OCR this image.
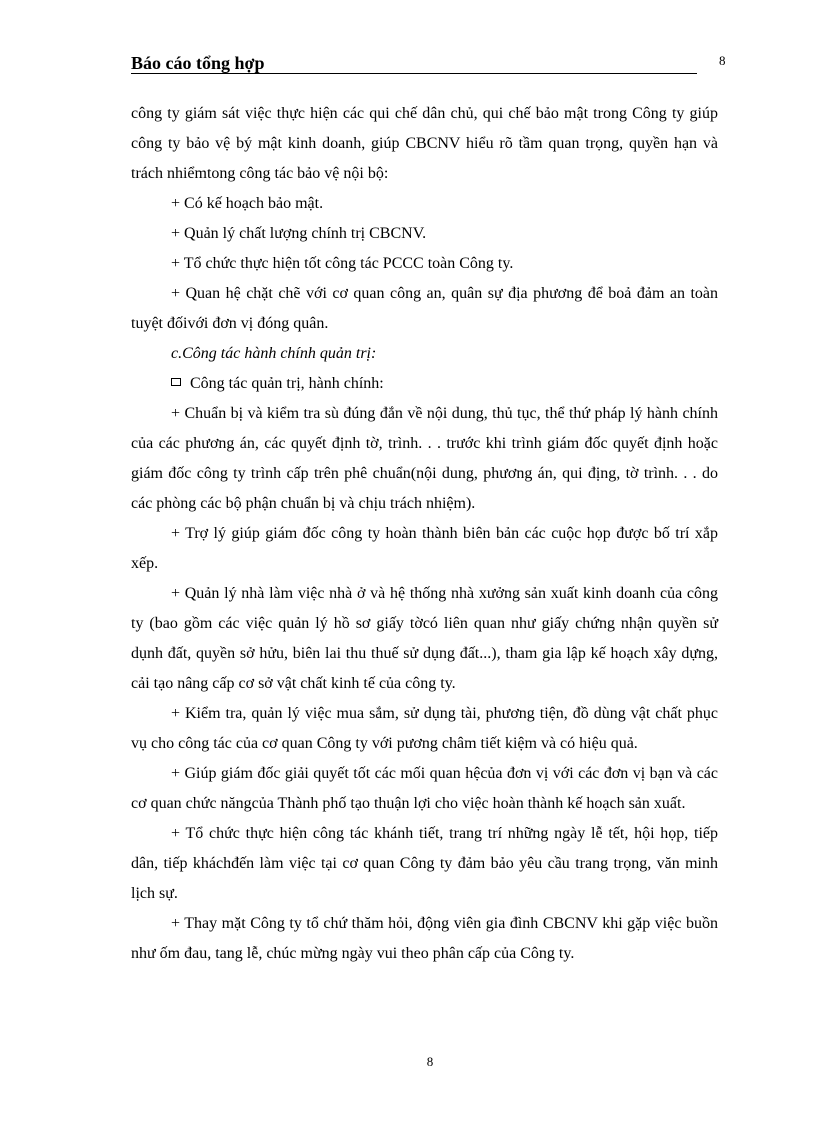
Báo cáo tổng hợp	8

công ty giám sát việc thực hiện các qui chế dân chủ, qui chế bảo mật trong Công ty giúp công ty bảo vệ bý mật kinh doanh, giúp CBCNV hiểu rõ tầm quan trọng, quyền hạn và trách nhiểmtong công tác bảo vệ nội bộ:

+ Có kế hoạch bảo mật.

+ Quản lý chất lượng chính trị CBCNV.

+ Tổ chức thực hiện tốt công tác PCCC toàn Công ty.

+ Quan hệ chặt chẽ với cơ quan công an, quân sự địa phương để boả đảm an toàn tuyệt đốivới đơn vị đóng quân.

c.Công tác hành chính quản trị:

Công tác quản trị, hành chính:

+ Chuẩn bị và kiểm tra sù đúng đắn về nội dung, thủ tục, thể thứ pháp lý hành chính của các phương án, các quyết định tờ, trình. . . trước khi trình giám đốc quyết định hoặc giám đốc công ty trình cấp trên phê chuẩn(nội dung, phương án, qui địng, tờ trình. . . do các phòng các bộ phận chuẩn bị và chịu trách nhiệm).

+ Trợ lý giúp giám đốc công ty hoàn thành biên bản các cuộc họp được bố trí xắp xếp.

+ Quản lý nhà làm việc nhà ở và hệ thống nhà xưởng sản xuất kinh doanh của công ty (bao gồm các việc quản lý hồ sơ giấy tờcó liên quan như giấy chứng nhận quyền sử dụnh đất, quyền sở hửu, biên lai thu thuế sử dụng đất...), tham gia lập kế hoạch xây dựng, cải tạo nâng cấp cơ sở vật chất kinh tế của công ty.

+ Kiểm tra, quản lý việc mua sắm, sử dụng tài, phương tiện, đồ dùng vật chất phục vụ cho công tác của cơ quan Công ty với pương châm tiết kiệm và có hiệu quả.

+ Giúp giám đốc giải quyết tốt các mối quan hệcủa đơn vị với các đơn vị bạn và các cơ quan chức năngcủa Thành phố tạo thuận lợi cho việc hoàn thành kế hoạch sản xuất.

+ Tổ chức thực hiện công tác khánh tiết, trang trí những ngày lễ tết, hội họp, tiếp dân, tiếp kháchđến làm việc tại cơ quan Công ty đảm bảo yêu cầu trang trọng, văn minh lịch sự.

+ Thay mặt Công ty tổ chứ thăm hỏi, động viên gia đình CBCNV khi gặp việc buồn như ốm đau, tang lễ, chúc mừng ngày vui theo phân cấp của Công ty.

8
